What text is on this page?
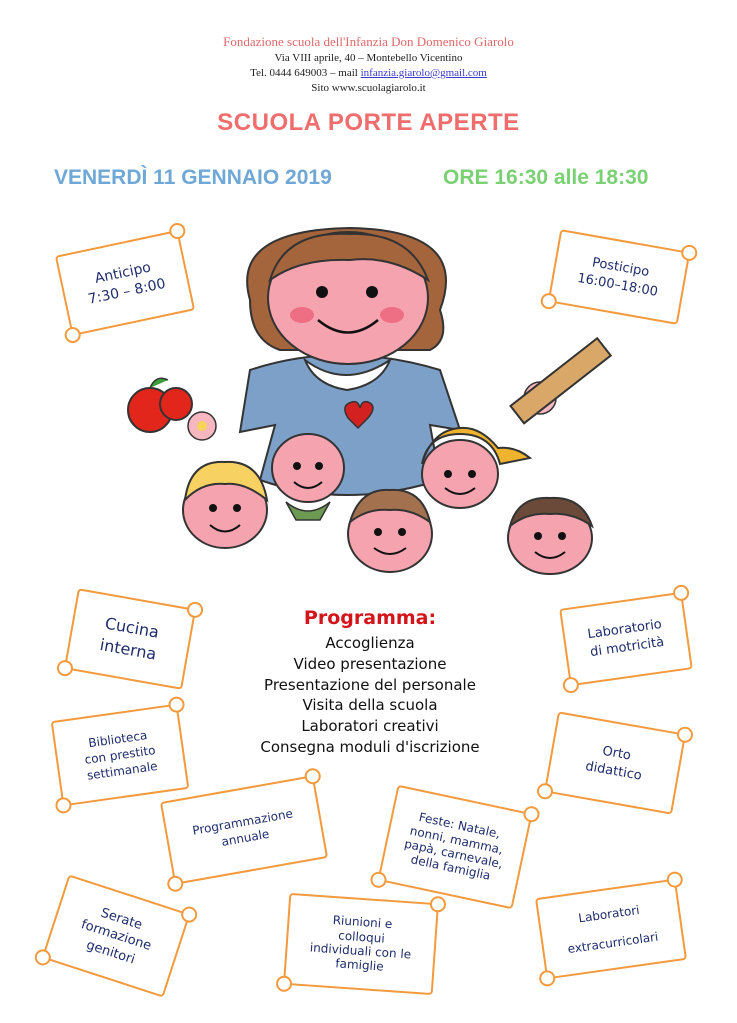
Fondazione scuola dell'Infanzia Don Domenico Giarolo
Via VIII aprile, 40 – Montebello Vicentino
Tel. 0444 649003 – mail infanzia.giarolo@gmail.com
Sito www.scuolagiarolo.it
SCUOLA PORTE APERTE
VENERDÌ 11 GENNAIO 2019	ORE 16:30 alle 18:30
Anticipo
7:30 – 8:00
Posticipo
16:00–18:00
Cucina
interna
Laboratorio
di motricità
Biblioteca
con prestito
settimanale
Orto
didattico
Programmazione
annuale	Feste: Natale,
nonni, mamma,
papà, carnevale,
della famiglia
Serate
formazione
genitori
Riunioni e
colloqui
individuali con le
famiglie
Laboratori

extracurricolari
Programma:
Accoglienza
Video presentazione
Presentazione del personale
Visita della scuola
Laboratori creativi
Consegna moduli d'iscrizione
